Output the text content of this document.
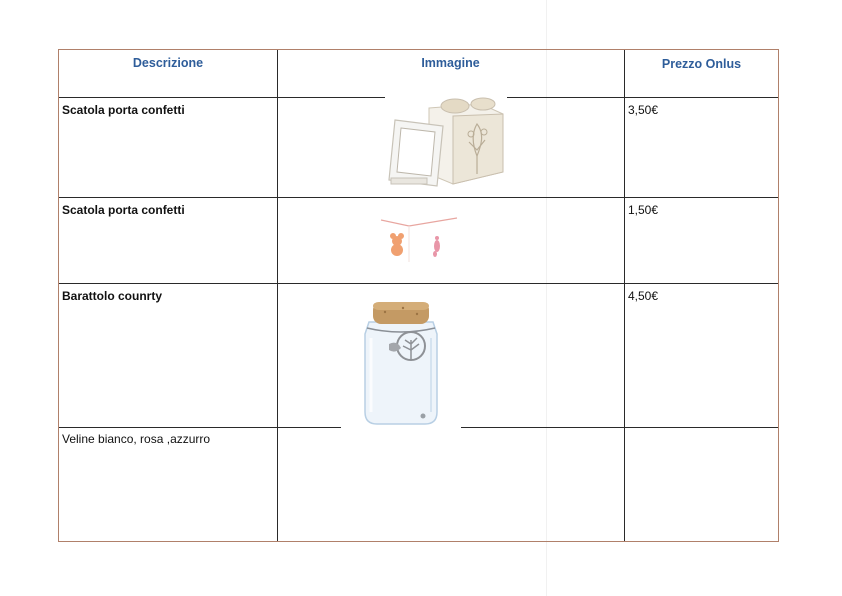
Descrizione	Immagine	Prezzo Onlus
Scatola porta confetti	3,50€
Scatola porta confetti	1,50€
Barattolo counrty	4,50€
Veline bianco, rosa ,azzurro
